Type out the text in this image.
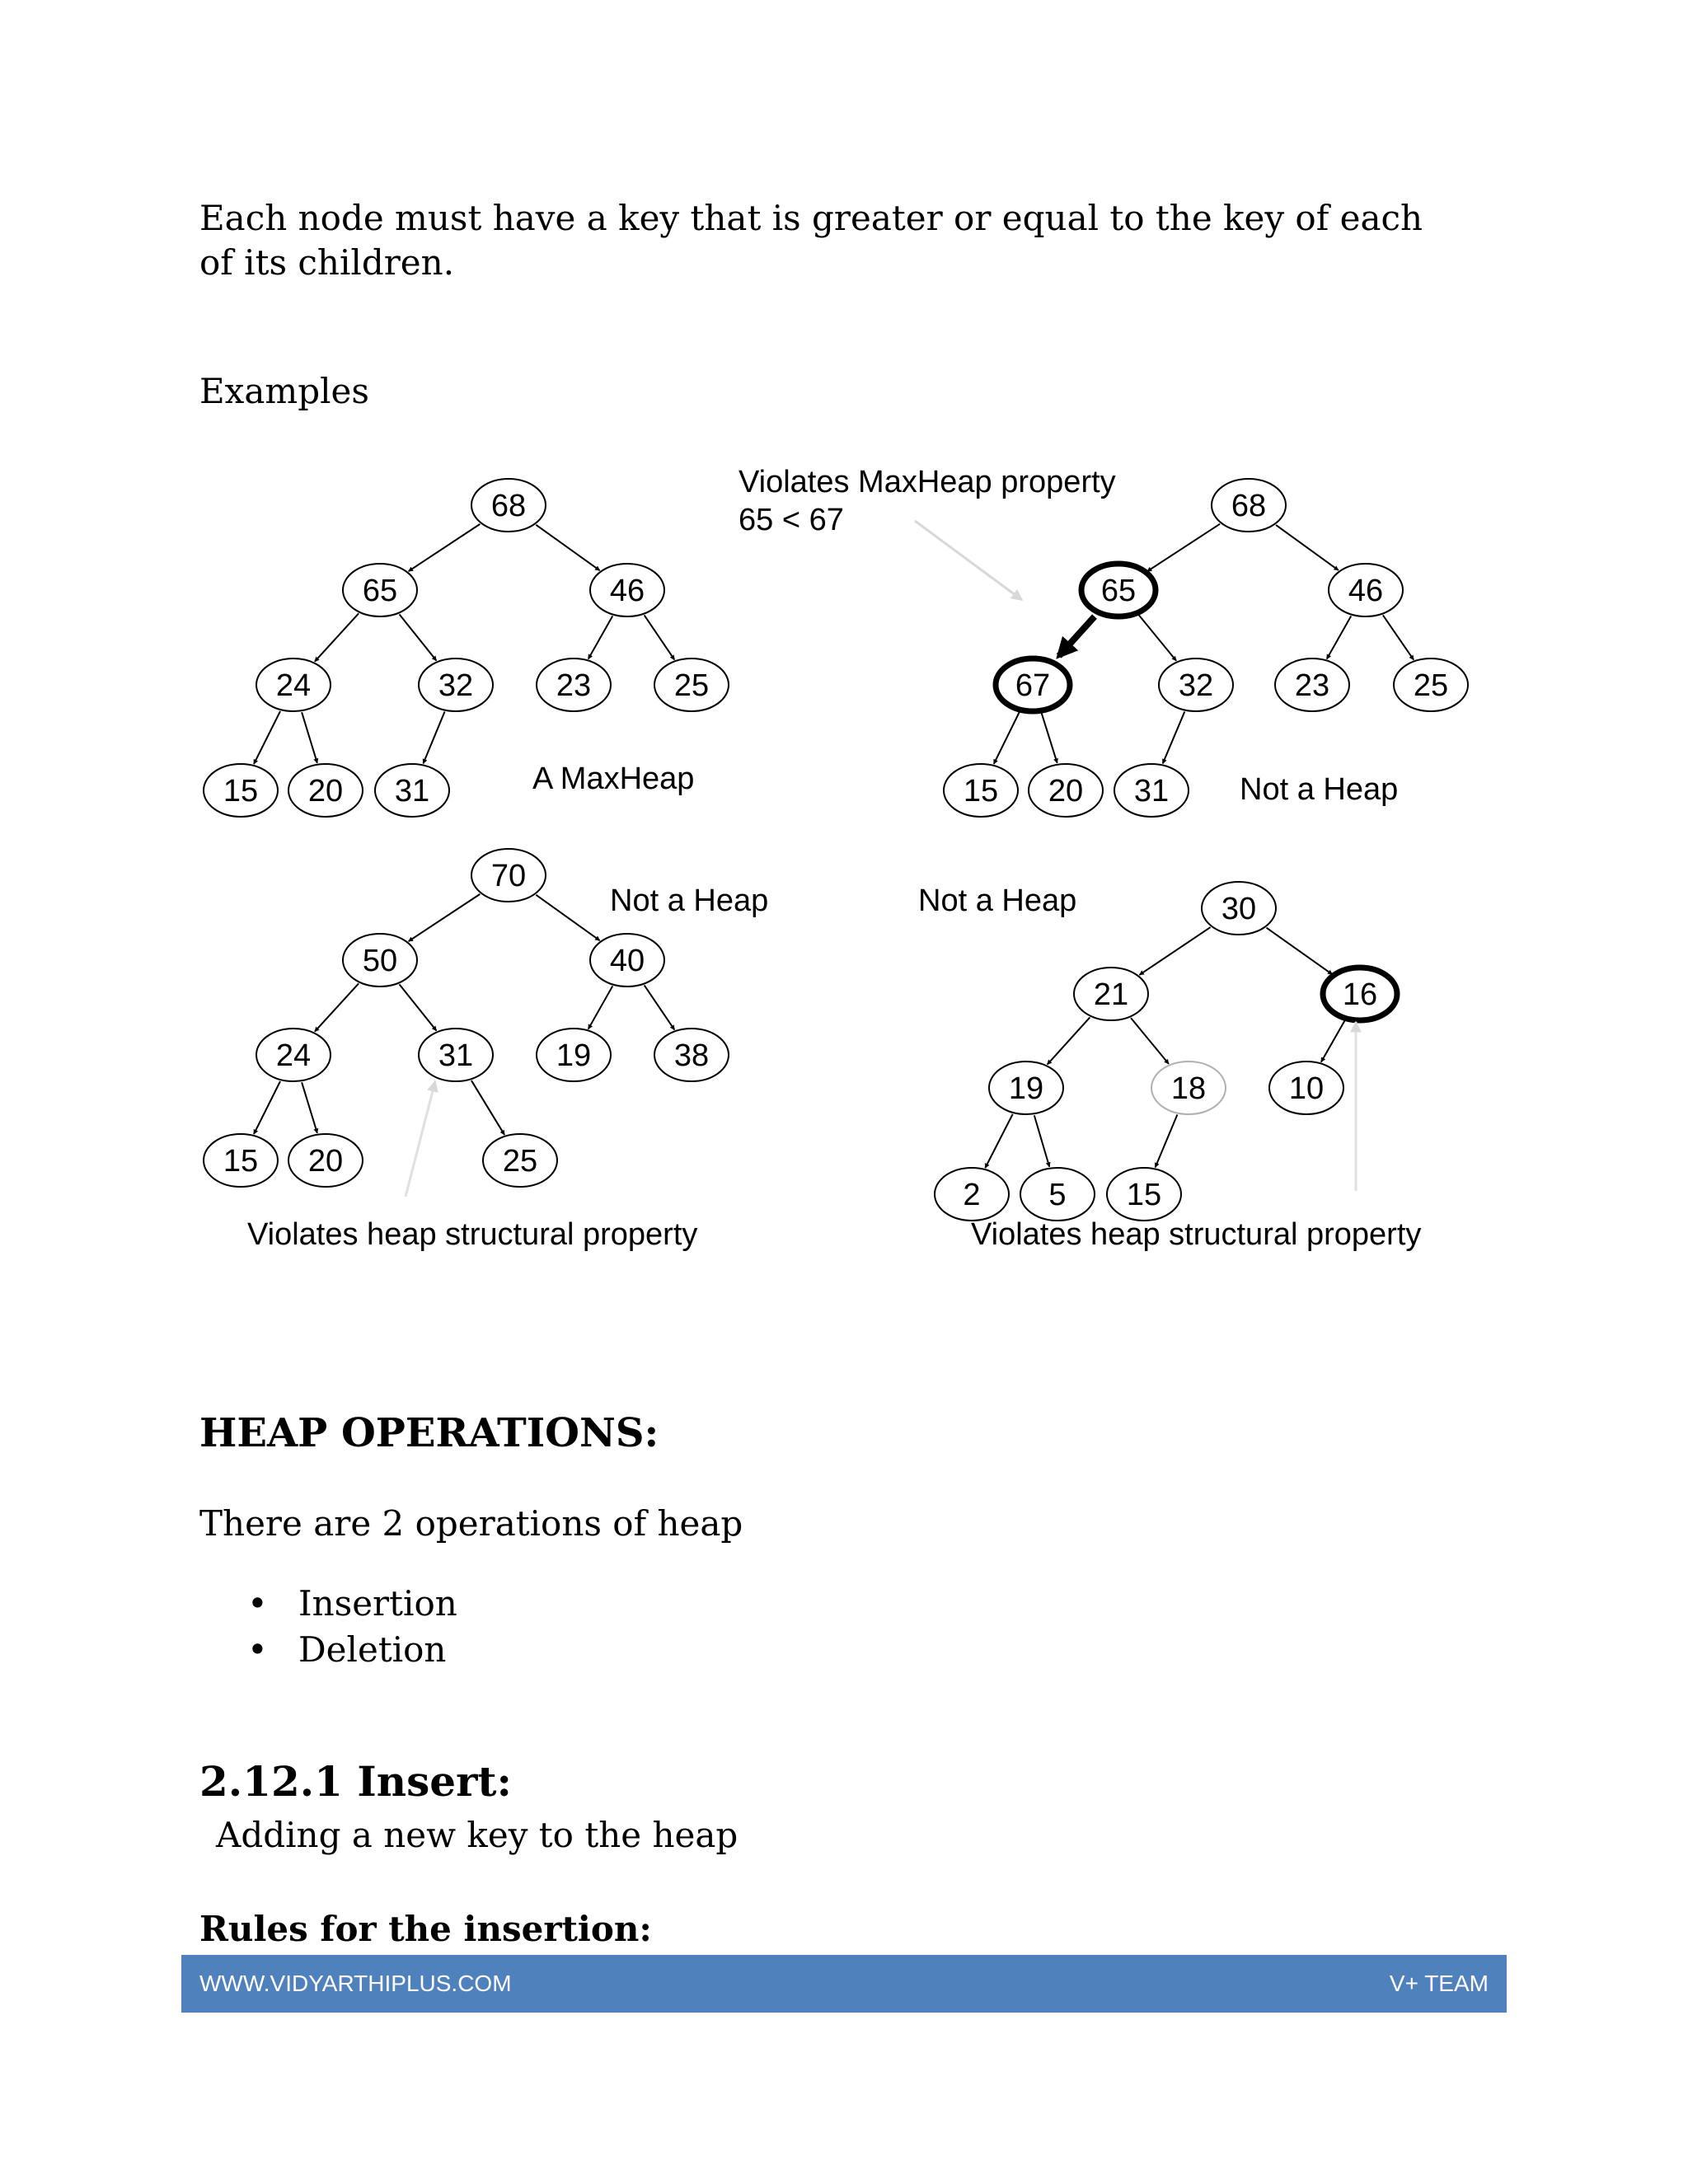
Each node must have a key that is greater or equal to the key of each of its children.
Examples
68
65	46
24	32	23	25
15 20 31
68
65	46
67	32	23	25
15 20 31
70
50	40
24	31	19	38
15 20	25
30
21	16
19	18	10
2 5 15
A MaxHeap
Violates MaxHeap property
65 < 67
Not a Heap
Not a Heap
Violates heap structural property
Not a Heap
Violates heap structural property
HEAP OPERATIONS:
There are 2 operations of heap
• Insertion
• Deletion
2.12.1 Insert:
Adding a new key to the heap
Rules for the insertion:
WWW.VIDYARTHIPLUS.COM	V+ TEAM
